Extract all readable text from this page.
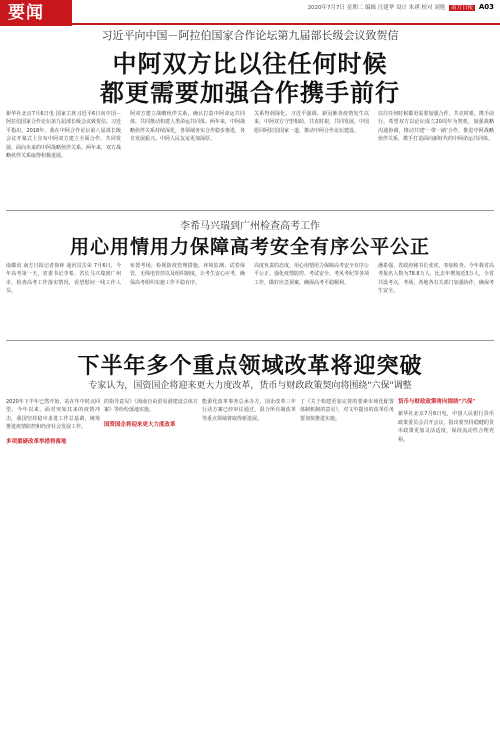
要闻	2020年7月7日 星期二 编辑 汪建华 设计 朱祺 校对 刘艳 南方日报 A03
习近平向中国－阿拉伯国家合作论坛第九届部长级会议致贺信
中阿双方比以往任何时候
都更需要加强合作携手前行
新华社北京7月6日电 国家主席习近平6日向中国－阿拉伯国家合作论坛第九届部长级会议致贺信。习近平指出，2018年，我在中阿合作论坛第八届部长级会议开幕式上宣布中阿双方建立全面合作、共同发展、面向未来的中阿战略伙伴关系。两年来，双方战略伙伴关系取得积极进展。
阿双方建立战略伙伴关系，确认打造中阿命运共同体。共同推动构建人类命运共同体。两年来，中阿战略伙伴关系持续深化，各领域务实合作稳步推进，各自发展振兴。中阿人民友谊更加深厚。
关系得到深化。习近平强调，新冠肺炎疫情发生以来，中阿双方守望相助、共克时艰，共同发展。中国愿同阿拉伯国家一道，推动中阿合作论坛建设。
以往任何时候都更需要加强合作，共克时艰。携手前行。希望双方以论坛成立20周年为契机，加强战略沟通协调，推动共建'一带一路'合作，推进中阿战略伙伴关系，携手打造面向新时代的中阿命运共同体。
李希马兴瑞到广州检查高考工作
用心用情用力保障高考安全有序公平公正
南都讯 南方日报记者徐林 通讯员岳荣 7月6日，今年高考第一天，省委书记李希、省长马兴瑞到广州市，检查高考工作落实情况，看望慰问一线工作人员。
布置考场，检视防疫管理措施，环境监测，试卷保管，无线电管控以及组织制度，让考生安心应考，确保高考组织实施工作平稳有序。
高度负责的态度，用心用情用力保障高考安全有序公平公正。强化疫情防控、考试安全、考风考纪等各项工作，做好应急预案，确保高考平稳顺利。
潘希强、省政府秘书长张虎，参加检查。今年我省高考报名人数为78.8万人，比去年增加近3万人，全省共设考点，考场，各地各有关部门加强协作，确保考生安全。
下半年多个重点领域改革将迎突破
专家认为，国资国企将迎来更大力度改革，货币与财政政策契向将围绕"六保"调整
2020年下半年已然开始，站在年中时点回望，今年以来，面对突如其来的疫情冲击，我国坚持稳中求进工作总基调，统筹推进疫情防控和经济社会发展工作。
多项重磅改革举措将落地
的指导意见》《海南自由贸易港建设总体方案》等纷纷落地实施。
国资国企将迎来更大力度改革
能源化改革事务总承办方，国企改革三年行动方案已经审议通过，混合所有制改革等重点领域将取得新进展。
了《关于构建更加完善的要素市场化配置体制机制的意见》，对文中提出的改革任务要加快推进实施。
货币与财政政策将向围绕"六保"
新华社北京7月6日电，中国人民银行货币政策委员会召开会议，指出要坚持稳健的货币政策更加灵活适度，保持流动性合理充裕。
